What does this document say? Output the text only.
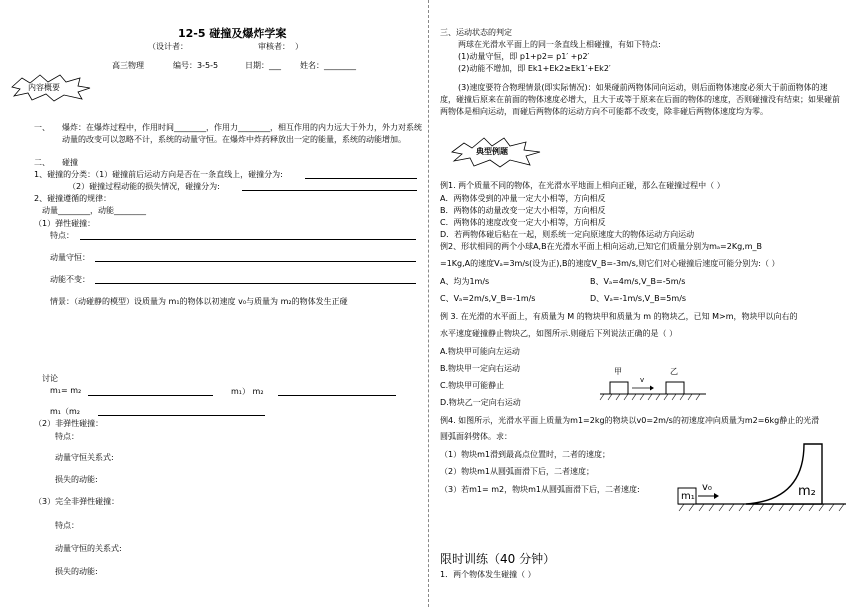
12-5 碰撞及爆炸学案
（设计者：	审核者： ）
高三物理	编号：3-5-5	日期：___ 姓名：________
内容概要
一、 爆炸：在爆炸过程中，作用时间________，作用力________，相互作用的内力远大于外力，外力对系统动量的改变可以忽略不计，系统的动量守恒。在爆炸中炸药释放出一定的能量，系统的动能增加。
二、 碰撞
1、碰撞的分类：（1）碰撞前后运动方向是否在一条直线上，碰撞分为:
（2）碰撞过程动能的损失情况，碰撞分为:
2、碰撞遵循的规律：
动量________，动能________
（1）弹性碰撞：
特点：
动量守恒：
动能不变：
情景：（动碰静的模型）设质量为 m₁的物体以初速度 v₀与质量为 m₂的物体发生正碰
讨论
m₁= m₂	m₁） m₂
m₁（m₂
（2）非弹性碰撞：
特点：
动量守恒关系式:
损失的动能:
（3）完全非弹性碰撞：
特点：
动量守恒的关系式:
损失的动能:
三、运动状态的判定
两球在光滑水平面上的同一条直线上相碰撞，有如下特点:
(1)动量守恒，即 p1+p2= p1′ +p2′
(2)动能不增加，即 Ek1+Ek2≥Ek1′+Ek2′
(3)速度要符合物理情景(即实际情况)：如果碰前两物体同向运动，则后面物体速度必须大于前面物体的速度，碰撞后原来在前面的物体速度必增大，且大于或等于原来在后面的物体的速度，否则碰撞没有结束；如果碰前两物体是相向运动，而碰后两物体的运动方向不可能都不改变，除非碰后两物体速度均为零。
典型例题
例1. 两个质量不同的物体，在光滑水平地面上相向正碰，那么在碰撞过程中（ ）
A．两物体受到的冲量一定大小相等，方向相反
B．两物体的动量改变一定大小相等，方向相反
C．两物体的速度改变一定大小相等，方向相反
D．若两物体碰后粘在一起，则系统一定向原速度大的物体运动方向运动
例2、形状相同的两个小球A,B在光滑水平面上相向运动,已知它们质量分别为mₐ=2Kg,m_B
=1Kg,A的速度Vₐ=3m/s(设为正),B的速度V_B=-3m/s,则它们对心碰撞后速度可能分别为:（ ）
A、均为1m/s	B、Vₐ=4m/s,V_B=-5m/s
C、Vₐ=2m/s,V_B=-1m/s	D、Vₐ=-1m/s,V_B=5m/s
例 3. 在光滑的水平面上，有质量为 M 的物块甲和质量为 m 的物块乙，已知 M>m，物块甲以向右的
水平速度碰撞静止物块乙，如图所示.则碰后下列说法正确的是（ ）
A.物块甲可能向左运动
B.物块甲一定向右运动
C.物块甲可能静止
D.物块乙一定向右运动
甲
v
乙
例4. 如图所示，光滑水平面上质量为m1=2kg的物块以v0=2m/s的初速度冲向质量为m2=6kg静止的光滑
圆弧面斜劈体。求：
（1）物块m1滑到最高点位置时，二者的速度；
（2）物块m1从圆弧面滑下后，二者速度；
（3）若m1= m2，物块m1从圆弧面滑下后，二者速度:
m₁
v₀	m₂
限时训练（40 分钟）
1．两个物体发生碰撞（ ）
